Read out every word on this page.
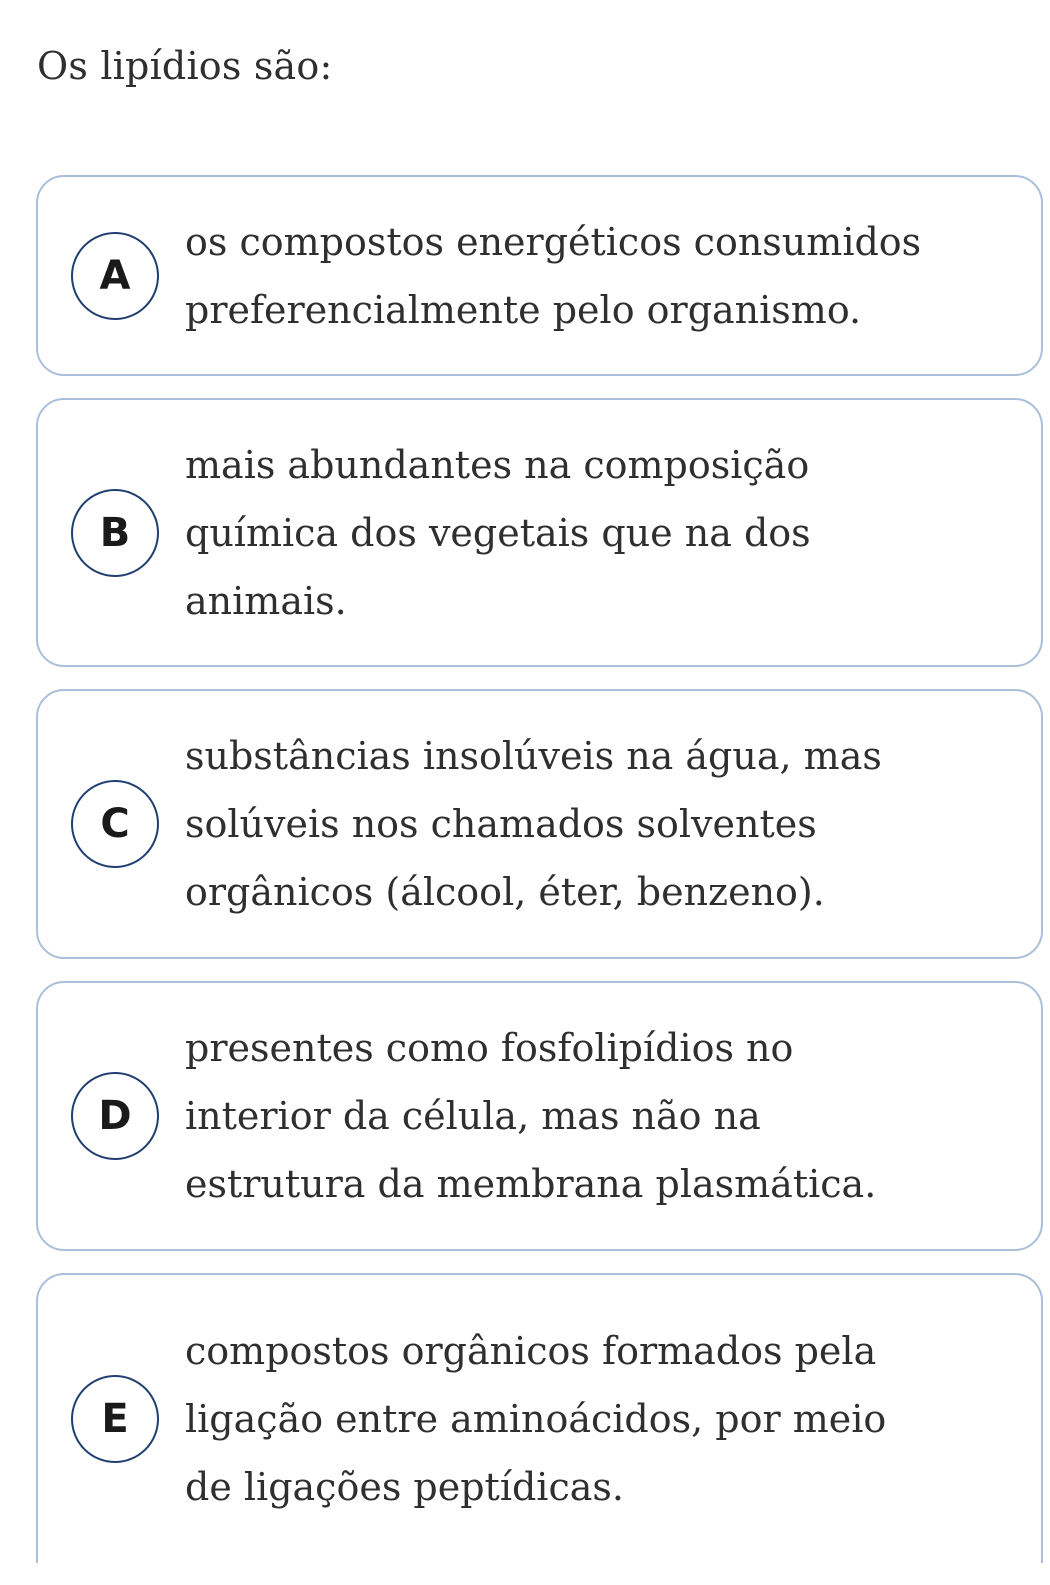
Os lipídios são:
A
os compostos energéticos consumidos
preferencialmente pelo organismo.
B
mais abundantes na composição
química dos vegetais que na dos
animais.
C
substâncias insolúveis na água, mas
solúveis nos chamados solventes
orgânicos (álcool, éter, benzeno).
D
presentes como fosfolipídios no
interior da célula, mas não na
estrutura da membrana plasmática.
E
compostos orgânicos formados pela
ligação entre aminoácidos, por meio
de ligações peptídicas.
